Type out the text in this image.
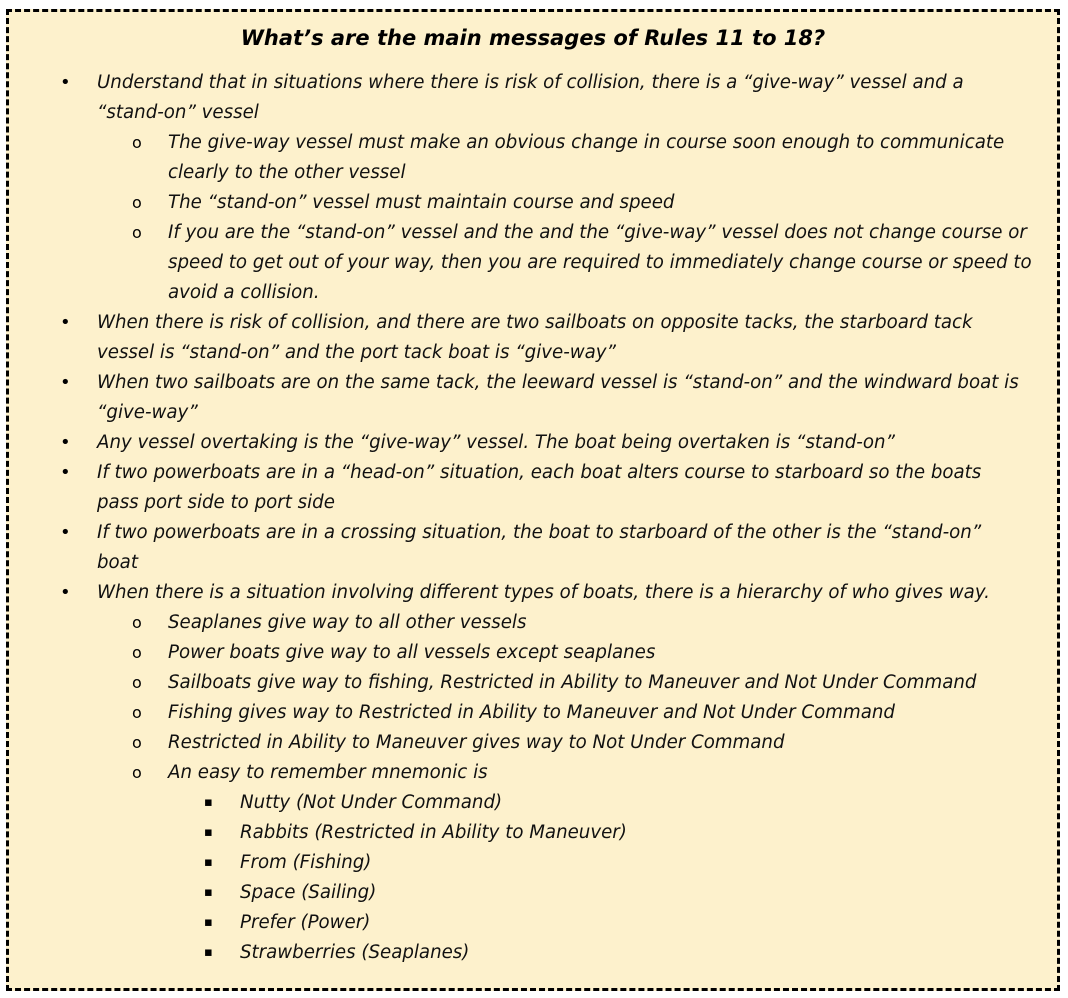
What’s are the main messages of Rules 11 to 18?
• Understand that in situations where there is risk of collision, there is a “give-way” vessel and a
“stand-on” vessel
o The give-way vessel must make an obvious change in course soon enough to communicate
clearly to the other vessel
o The “stand-on” vessel must maintain course and speed
o If you are the “stand-on” vessel and the and the “give-way” vessel does not change course or
speed to get out of your way, then you are required to immediately change course or speed to
avoid a collision.
• When there is risk of collision, and there are two sailboats on opposite tacks, the starboard tack
vessel is “stand-on” and the port tack boat is “give-way”
• When two sailboats are on the same tack, the leeward vessel is “stand-on” and the windward boat is
“give-way”
• Any vessel overtaking is the “give-way” vessel. The boat being overtaken is “stand-on”
• If two powerboats are in a “head-on” situation, each boat alters course to starboard so the boats
pass port side to port side
• If two powerboats are in a crossing situation, the boat to starboard of the other is the “stand-on”
boat
• When there is a situation involving different types of boats, there is a hierarchy of who gives way.
o Seaplanes give way to all other vessels
o Power boats give way to all vessels except seaplanes
o Sailboats give way to fishing, Restricted in Ability to Maneuver and Not Under Command
o Fishing gives way to Restricted in Ability to Maneuver and Not Under Command
o Restricted in Ability to Maneuver gives way to Not Under Command
o An easy to remember mnemonic is
▪ Nutty (Not Under Command)
▪ Rabbits (Restricted in Ability to Maneuver)
▪ From (Fishing)
▪ Space (Sailing)
▪ Prefer (Power)
▪ Strawberries (Seaplanes)
